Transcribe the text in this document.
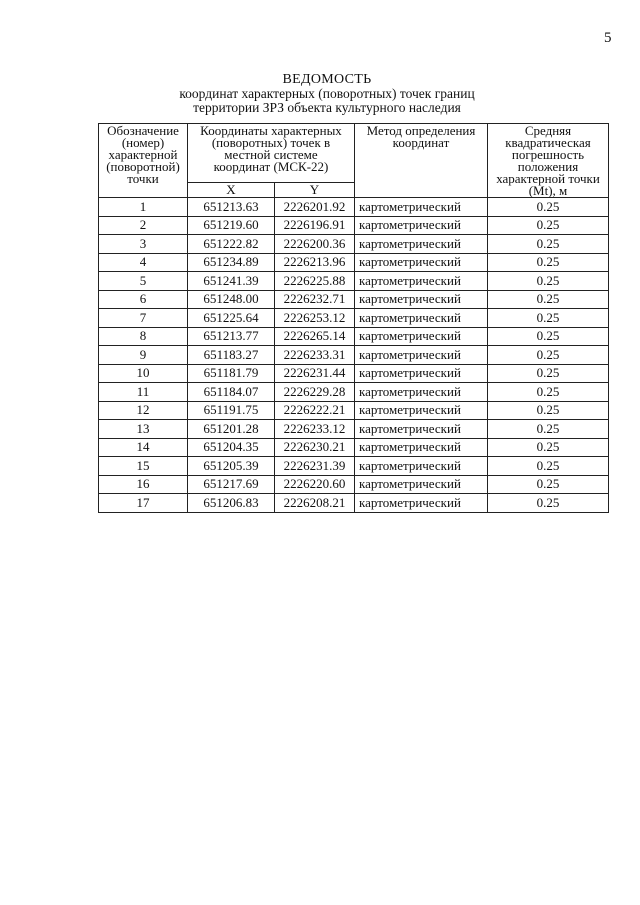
5
ВЕДОМОСТЬ
координат характерных (поворотных) точек границ
территории ЗРЗ объекта культурного наследия
Обозначение (номер) характерной (поворотной) точки	Координаты характерных (поворотных) точек в местной системе координат (МСК-22)		Метод определения координат	Средняя квадратическая погрешность положения характерной точки (Mt), м
	X	Y		
1	651213.63	2226201.92	картометрический	0.25
2	651219.60	2226196.91	картометрический	0.25
3	651222.82	2226200.36	картометрический	0.25
4	651234.89	2226213.96	картометрический	0.25
5	651241.39	2226225.88	картометрический	0.25
6	651248.00	2226232.71	картометрический	0.25
7	651225.64	2226253.12	картометрический	0.25
8	651213.77	2226265.14	картометрический	0.25
9	651183.27	2226233.31	картометрический	0.25
10	651181.79	2226231.44	картометрический	0.25
11	651184.07	2226229.28	картометрический	0.25
12	651191.75	2226222.21	картометрический	0.25
13	651201.28	2226233.12	картометрический	0.25
14	651204.35	2226230.21	картометрический	0.25
15	651205.39	2226231.39	картометрический	0.25
16	651217.69	2226220.60	картометрический	0.25
17	651206.83	2226208.21	картометрический	0.25
